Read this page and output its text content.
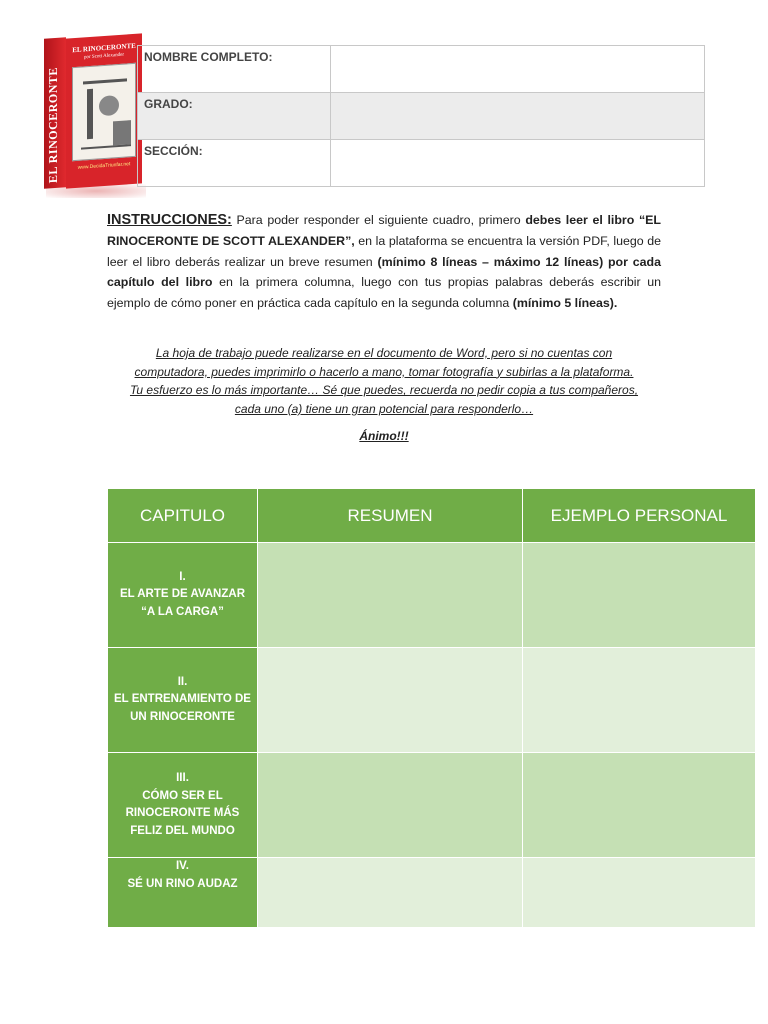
EL RINOCERONTE
EL RINOCERONTE
por Scott Alexander
www.DecidaTriunfar.net
NOMBRE COMPLETO:	
GRADO:	
SECCIÓN:	
INSTRUCCIONES: Para poder responder el siguiente cuadro, primero debes leer el libro “EL RINOCERONTE DE SCOTT ALEXANDER”, en la plataforma se encuentra la versión PDF, luego de leer el libro deberás realizar un breve resumen (mínimo 8 líneas – máximo 12 líneas) por cada capítulo del libro en la primera columna, luego con tus propias palabras deberás escribir un ejemplo de cómo poner en práctica cada capítulo en la segunda columna (mínimo 5 líneas).
La hoja de trabajo puede realizarse en el documento de Word, pero si no cuentas con
computadora, puedes imprimirlo o hacerlo a mano, tomar fotografía y subirlas a la plataforma.
Tu esfuerzo es lo más importante… Sé que puedes, recuerda no pedir copia a tus compañeros,
cada uno (a) tiene un gran potencial para responderlo…
Ánimo!!!
CAPITULO	RESUMEN	EJEMPLO PERSONAL

I.
EL ARTE DE AVANZAR
“A LA CARGA”		

II.
EL ENTRENAMIENTO DE
UN RINOCERONTE		

III.
CÓMO SER EL
RINOCERONTE MÁS
FELIZ DEL MUNDO		

IV.
SÉ UN RINO AUDAZ		
